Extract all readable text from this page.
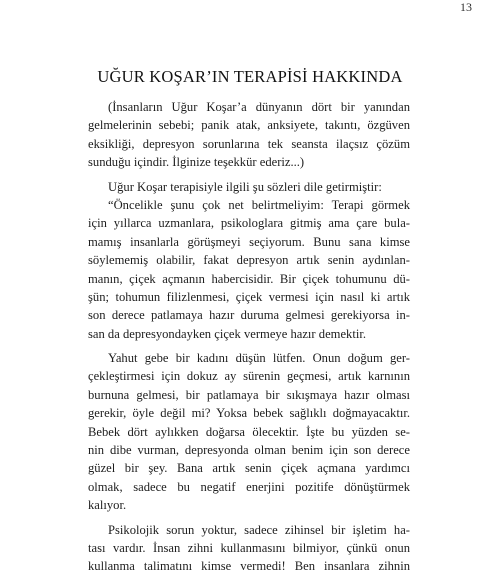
13
UĞUR KOŞAR’IN TERAPİSİ HAKKINDA
(İnsanların Uğur Koşar’a dünyanın dört bir yanından
gelmelerinin sebebi; panik atak, anksiyete, takıntı, özgüven
eksikliği, depresyon sorunlarına tek seansta ilaçsız çözüm
sunduğu içindir. İlginize teşekkür ederiz...)
Uğur Koşar terapisiyle ilgili şu sözleri dile getirmiştir:
“Öncelikle şunu çok net belirtmeliyim: Terapi görmek
için yıllarca uzmanlara, psikologlara gitmiş ama çare bula-
mamış insanlarla görüşmeyi seçiyorum. Bunu sana kimse
söylememiş olabilir, fakat depresyon artık senin aydınlan-
manın, çiçek açmanın habercisidir. Bir çiçek tohumunu dü-
şün; tohumun filizlenmesi, çiçek vermesi için nasıl ki artık
son derece patlamaya hazır duruma gelmesi gerekiyorsa in-
san da depresyondayken çiçek vermeye hazır demektir.
Yahut gebe bir kadını düşün lütfen. Onun doğum ger-
çekleştirmesi için dokuz ay sürenin geçmesi, artık karnının
burnuna gelmesi, bir patlamaya bir sıkışmaya hazır olması
gerekir, öyle değil mi? Yoksa bebek sağlıklı doğmayacaktır.
Bebek dört aylıkken doğarsa ölecektir. İşte bu yüzden se-
nin dibe vurman, depresyonda olman benim için son derece
güzel bir şey. Bana artık senin çiçek açmana yardımcı
olmak, sadece bu negatif enerjini pozitife dönüştürmek
kalıyor.
Psikolojik sorun yoktur, sadece zihinsel bir işletim ha-
tası vardır. İnsan zihni kullanmasını bilmiyor, çünkü onun
kullanma talimatını kimse vermedi! Ben insanlara zihnin
